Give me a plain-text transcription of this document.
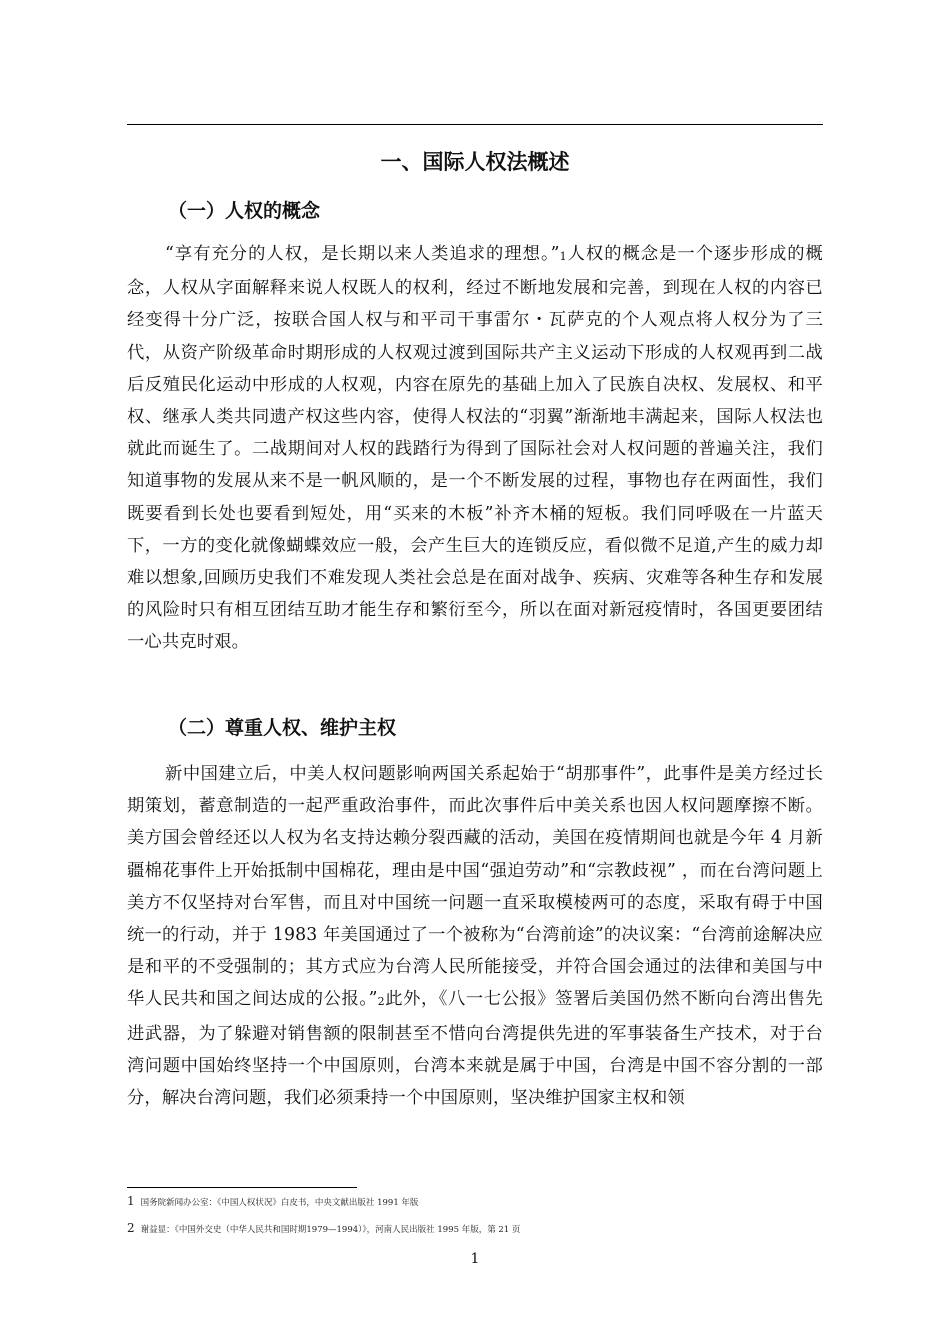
一、国际人权法概述
（一）人权的概念

“享有充分的人权，是长期以来人类追求的理想。”$^1$人权的概念是一个逐步形成的概念，人权从字面解释来说人权既人的权利，经过不断地发展和完善，到现在人权的内容已经变得十分广泛，按联合国人权与和平司干事雷尔・瓦萨克的个人观点将人权分为了三代，从资产阶级革命时期形成的人权观过渡到国际共产主义运动下形成的人权观再到二战后反殖民化运动中形成的人权观，内容在原先的基础上加入了民族自决权、发展权、和平权、继承人类共同遗产权这些内容，使得人权法的“羽翼”渐渐地丰满起来，国际人权法也就此而诞生了。二战期间对人权的践踏行为得到了国际社会对人权问题的普遍关注，我们知道事物的发展从来不是一帆风顺的，是一个不断发展的过程，事物也存在两面性，我们既要看到长处也要看到短处，用“买来的木板”补齐木桶的短板。我们同呼吸在一片蓝天下，一方的变化就像蝴蝶效应一般，会产生巨大的连锁反应，看似微不足道,产生的威力却难以想象,回顾历史我们不难发现人类社会总是在面对战争、疾病、灾难等各种生存和发展的风险时只有相互团结互助才能生存和繁衍至今，所以在面对新冠疫情时，各国更要团结一心共克时艰。

（二）尊重人权、维护主权

新中国建立后，中美人权问题影响两国关系起始于“胡那事件”，此事件是美方经过长期策划，蓄意制造的一起严重政治事件，而此次事件后中美关系也因人权问题摩擦不断。美方国会曾经还以人权为名支持达赖分裂西藏的活动，美国在疫情期间也就是今年 4 月新疆棉花事件上开始抵制中国棉花，理由是中国“强迫劳动”和“宗教歧视” ，而在台湾问题上美方不仅坚持对台军售，而且对中国统一问题一直采取模棱两可的态度，采取有碍于中国统一的行动，并于 1983 年美国通过了一个被称为“台湾前途”的决议案：“台湾前途解决应是和平的不受强制的；其方式应为台湾人民所能接受，并符合国会通过的法律和美国与中华人民共和国之间达成的公报。”$^2$此外，《八一七公报》签署后美国仍然不断向台湾出售先进武器，为了躲避对销售额的限制甚至不惜向台湾提供先进的军事装备生产技术，对于台湾问题中国始终坚持一个中国原则，台湾本来就是属于中国，台湾是中国不容分割的一部分，解决台湾问题，我们必须秉持一个中国原则，坚决维护国家主权和领

1 国务院新闻办公室：《中国人权状况》白皮书，中央文献出版社 1991 年版

2 谢益显：《中国外交史（中华人民共和国时期1979—1994）》，河南人民出版社 1995 年版，第 21 页

1
